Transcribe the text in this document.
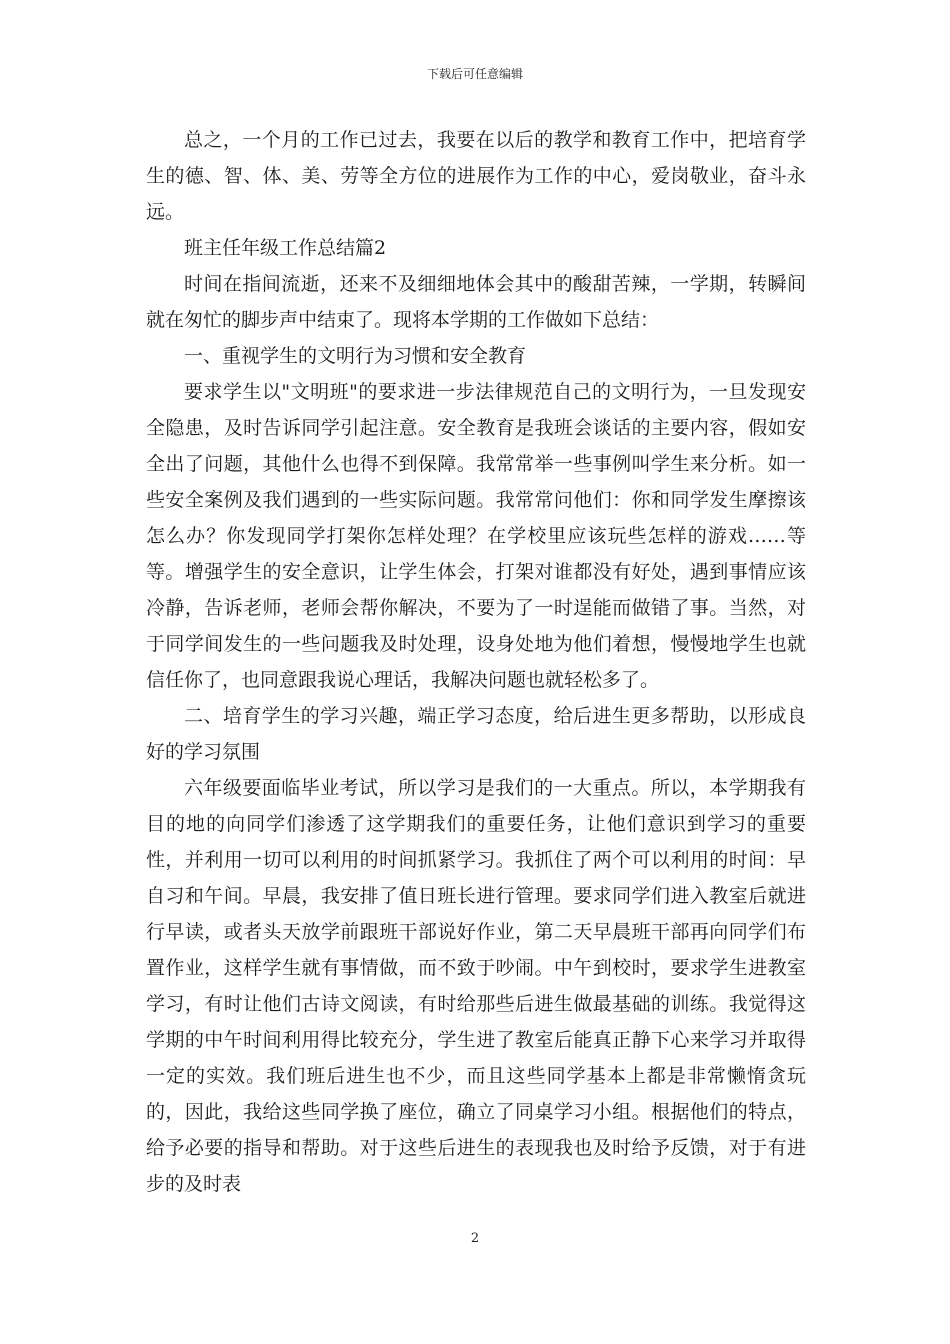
下载后可任意编辑

总之，一个月的工作已过去，我要在以后的教学和教育工作中，把培育学生的德、智、体、美、劳等全方位的进展作为工作的中心，爱岗敬业，奋斗永远。

班主任年级工作总结篇2

时间在指间流逝，还来不及细细地体会其中的酸甜苦辣，一学期，转瞬间就在匆忙的脚步声中结束了。现将本学期的工作做如下总结：

一、重视学生的文明行为习惯和安全教育

要求学生以"文明班"的要求进一步法律规范自己的文明行为，一旦发现安全隐患，及时告诉同学引起注意。安全教育是我班会谈话的主要内容，假如安全出了问题，其他什么也得不到保障。我常常举一些事例叫学生来分析。如一些安全案例及我们遇到的一些实际问题。我常常问他们：你和同学发生摩擦该怎么办？你发现同学打架你怎样处理？在学校里应该玩些怎样的游戏……等等。增强学生的安全意识，让学生体会，打架对谁都没有好处，遇到事情应该冷静，告诉老师，老师会帮你解决，不要为了一时逞能而做错了事。当然，对于同学间发生的一些问题我及时处理，设身处地为他们着想，慢慢地学生也就信任你了，也同意跟我说心理话，我解决问题也就轻松多了。

二、培育学生的学习兴趣，端正学习态度，给后进生更多帮助，以形成良好的学习氛围

六年级要面临毕业考试，所以学习是我们的一大重点。所以，本学期我有目的地的向同学们渗透了这学期我们的重要任务，让他们意识到学习的重要性，并利用一切可以利用的时间抓紧学习。我抓住了两个可以利用的时间：早自习和午间。早晨，我安排了值日班长进行管理。要求同学们进入教室后就进行早读，或者头天放学前跟班干部说好作业，第二天早晨班干部再向同学们布置作业，这样学生就有事情做，而不致于吵闹。中午到校时，要求学生进教室学习，有时让他们古诗文阅读，有时给那些后进生做最基础的训练。我觉得这学期的中午时间利用得比较充分，学生进了教室后能真正静下心来学习并取得一定的实效。我们班后进生也不少，而且这些同学基本上都是非常懒惰贪玩的，因此，我给这些同学换了座位，确立了同桌学习小组。根据他们的特点，给予必要的指导和帮助。对于这些后进生的表现我也及时给予反馈，对于有进步的及时表

2
